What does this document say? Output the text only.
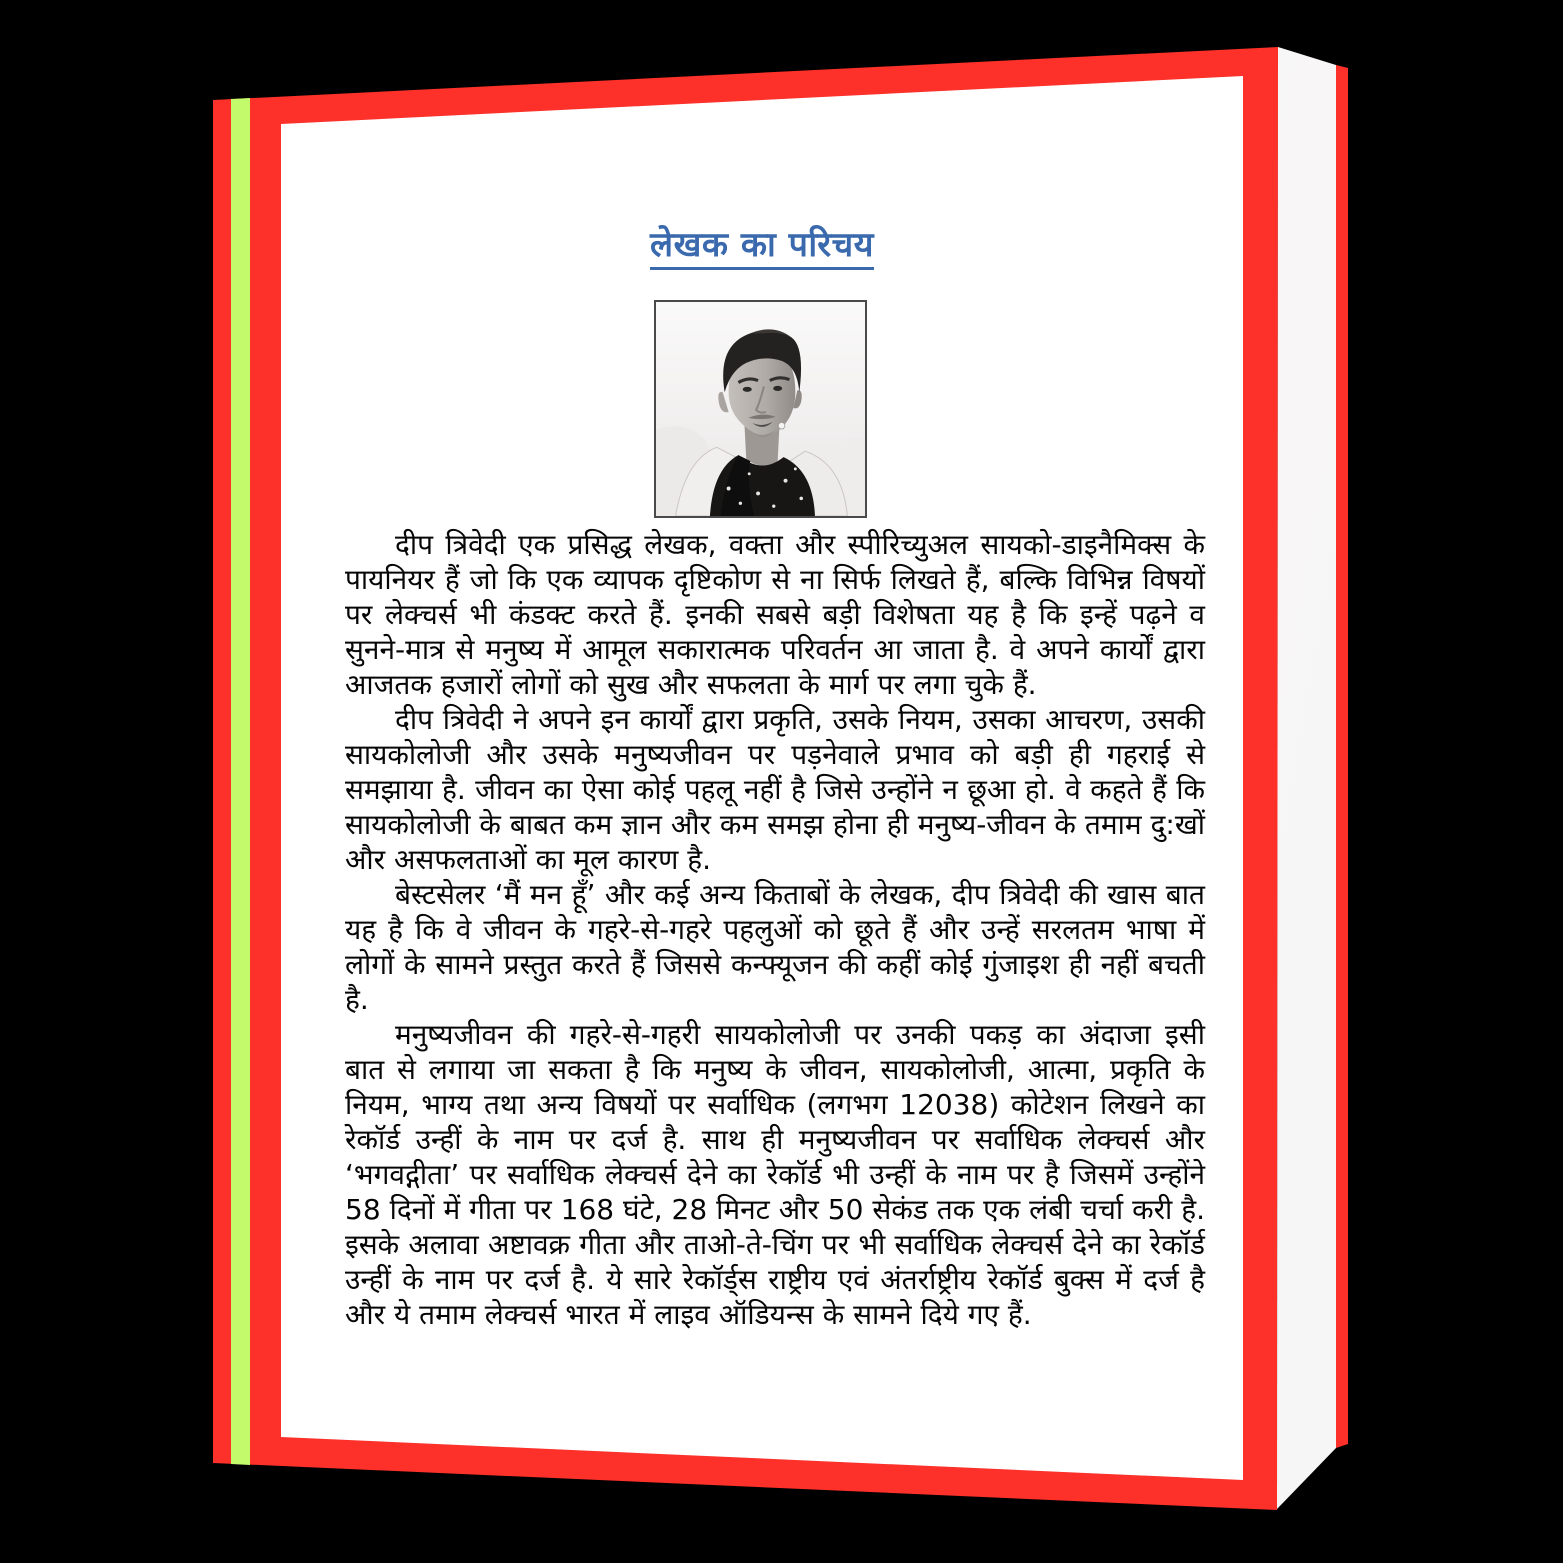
लेखक का परिचय

दीप त्रिवेदी एक प्रसिद्ध लेखक, वक्ता और स्पीरिच्युअल सायको-डाइनैमिक्स के पायनियर हैं जो कि एक व्यापक दृष्टिकोण से ना सिर्फ लिखते हैं, बल्कि विभिन्न विषयों पर लेक्चर्स भी कंडक्ट करते हैं. इनकी सबसे बड़ी विशेषता यह है कि इन्हें पढ़ने व सुनने-मात्र से मनुष्य में आमूल सकारात्मक परिवर्तन आ जाता है. वे अपने कार्यों द्वारा आजतक हजारों लोगों को सुख और सफलता के मार्ग पर लगा चुके हैं.

दीप त्रिवेदी ने अपने इन कार्यों द्वारा प्रकृति, उसके नियम, उसका आचरण, उसकी सायकोलोजी और उसके मनुष्यजीवन पर पड़नेवाले प्रभाव को बड़ी ही गहराई से समझाया है. जीवन का ऐसा कोई पहलू नहीं है जिसे उन्होंने न छूआ हो. वे कहते हैं कि सायकोलोजी के बाबत कम ज्ञान और कम समझ होना ही मनुष्य-जीवन के तमाम दु:खों और असफलताओं का मूल कारण है.

बेस्टसेलर ‘मैं मन हूँ’ और कई अन्य किताबों के लेखक, दीप त्रिवेदी की खास बात यह है कि वे जीवन के गहरे-से-गहरे पहलुओं को छूते हैं और उन्हें सरलतम भाषा में लोगों के सामने प्रस्तुत करते हैं जिससे कन्फ्यूजन की कहीं कोई गुंजाइश ही नहीं बचती है.

मनुष्यजीवन की गहरे-से-गहरी सायकोलोजी पर उनकी पकड़ का अंदाजा इसी बात से लगाया जा सकता है कि मनुष्य के जीवन, सायकोलोजी, आत्मा, प्रकृति के नियम, भाग्य तथा अन्य विषयों पर सर्वाधिक (लगभग 12038) कोटेशन लिखने का रेकॉर्ड उन्हीं के नाम पर दर्ज है. साथ ही मनुष्यजीवन पर सर्वाधिक लेक्चर्स और ‘भगवद्गीता’ पर सर्वाधिक लेक्चर्स देने का रेकॉर्ड भी उन्हीं के नाम पर है जिसमें उन्होंने 58 दिनों में गीता पर 168 घंटे, 28 मिनट और 50 सेकंड तक एक लंबी चर्चा करी है. इसके अलावा अष्टावक्र गीता और ताओ-ते-चिंग पर भी सर्वाधिक लेक्चर्स देने का रेकॉर्ड उन्हीं के नाम पर दर्ज है. ये सारे रेकॉर्ड्स राष्ट्रीय एवं अंतर्राष्ट्रीय रेकॉर्ड बुक्स में दर्ज है और ये तमाम लेक्चर्स भारत में लाइव ऑडियन्स के सामने दिये गए हैं.
